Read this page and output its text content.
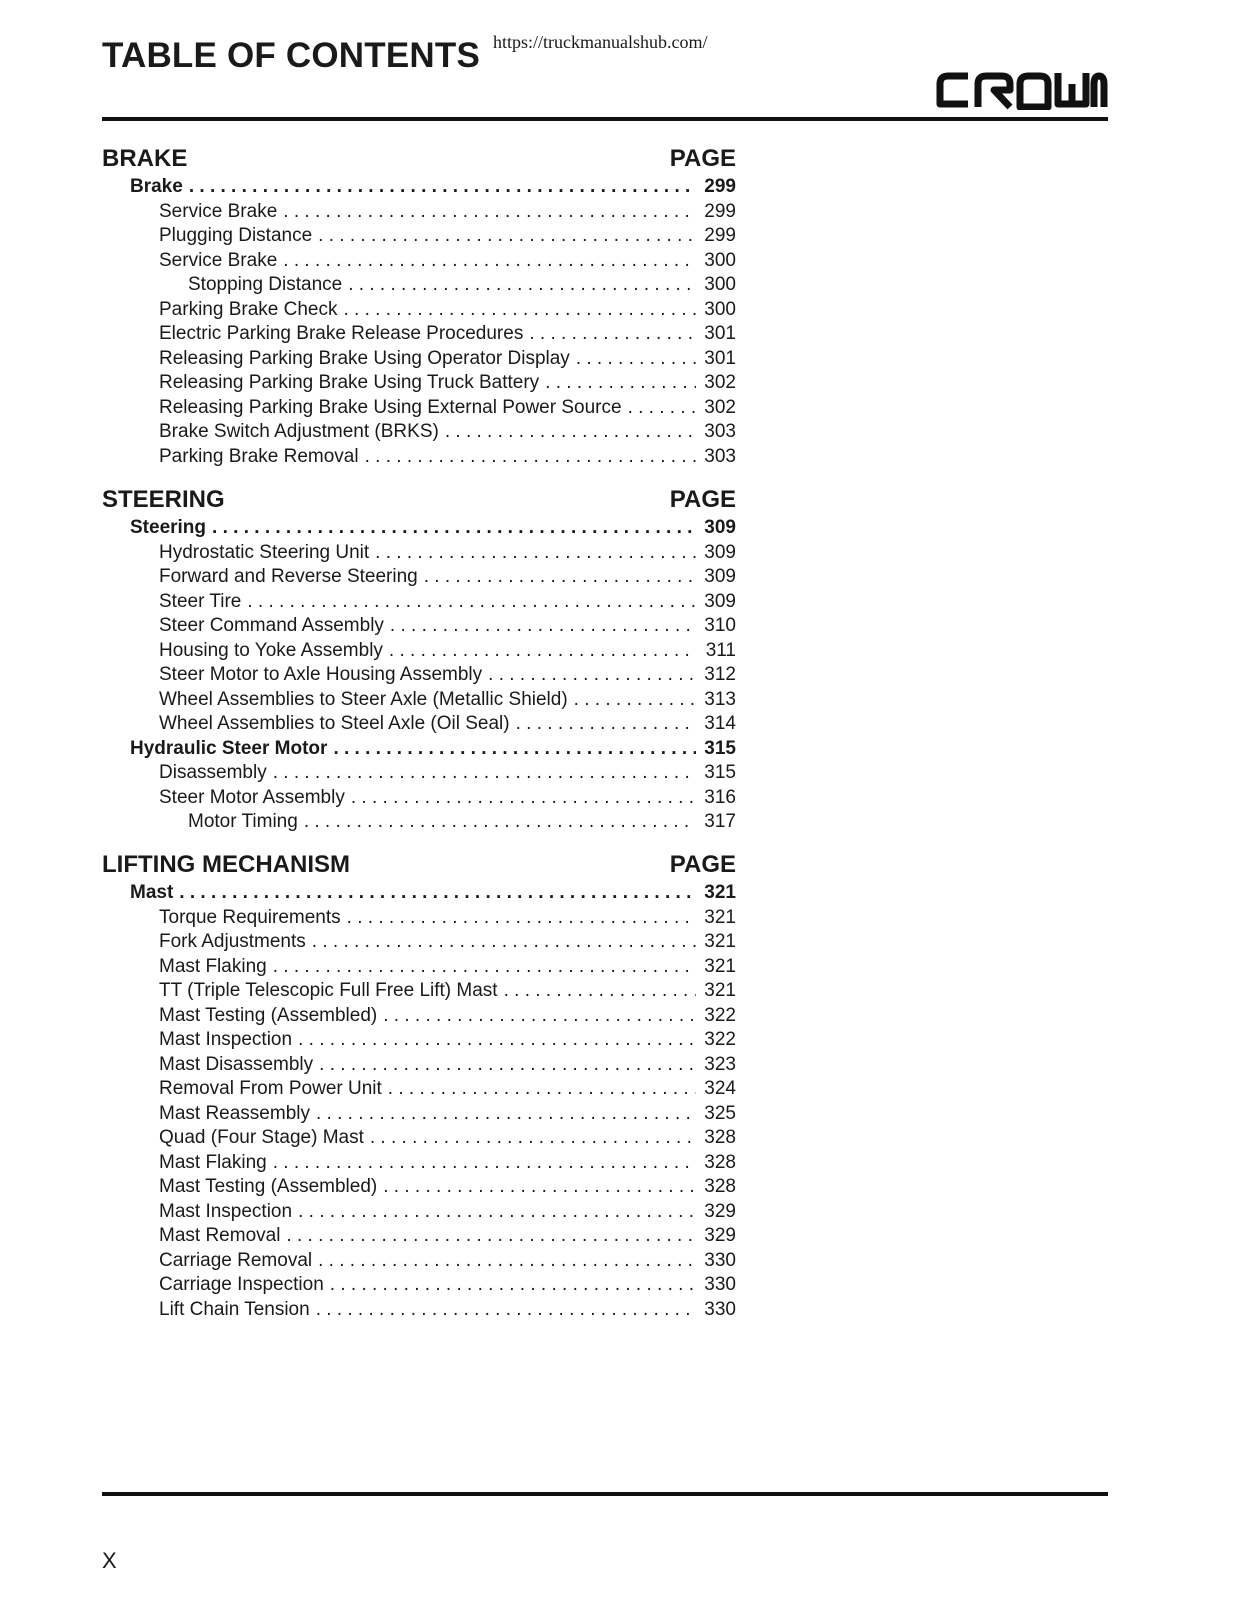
TABLE OF CONTENTS https://truckmanualshub.com/
BRAKE	PAGE
Brake . . .	299
Service Brake . . .	299
Plugging Distance . . .	299
Service Brake . . .	300
Stopping Distance . . .	300
Parking Brake Check . . .	300
Electric Parking Brake Release Procedures . . .	301
Releasing Parking Brake Using Operator Display . . .	301
Releasing Parking Brake Using Truck Battery . . .	302
Releasing Parking Brake Using External Power Source . . .	302
Brake Switch Adjustment (BRKS) . . .	303
Parking Brake Removal . . .	303
STEERING	PAGE
Steering . . .	309
Hydrostatic Steering Unit . . .	309
Forward and Reverse Steering . . .	309
Steer Tire . . .	309
Steer Command Assembly . . .	310
Housing to Yoke Assembly . . .	311
Steer Motor to Axle Housing Assembly . . .	312
Wheel Assemblies to Steer Axle (Metallic Shield) . . .	313
Wheel Assemblies to Steel Axle (Oil Seal) . . .	314
Hydraulic Steer Motor . . .	315
Disassembly . . .	315
Steer Motor Assembly . . .	316
Motor Timing . . .	317
LIFTING MECHANISM	PAGE
Mast . . .	321
Torque Requirements . . .	321
Fork Adjustments . . .	321
Mast Flaking . . .	321
TT (Triple Telescopic Full Free Lift) Mast . . .	321
Mast Testing (Assembled) . . .	322
Mast Inspection . . .	322
Mast Disassembly . . .	323
Removal From Power Unit . . .	324
Mast Reassembly . . .	325
Quad (Four Stage) Mast . . .	328
Mast Flaking . . .	328
Mast Testing (Assembled) . . .	328
Mast Inspection . . .	329
Mast Removal . . .	329
Carriage Removal . . .	330
Carriage Inspection . . .	330
Lift Chain Tension . . .	330
X
